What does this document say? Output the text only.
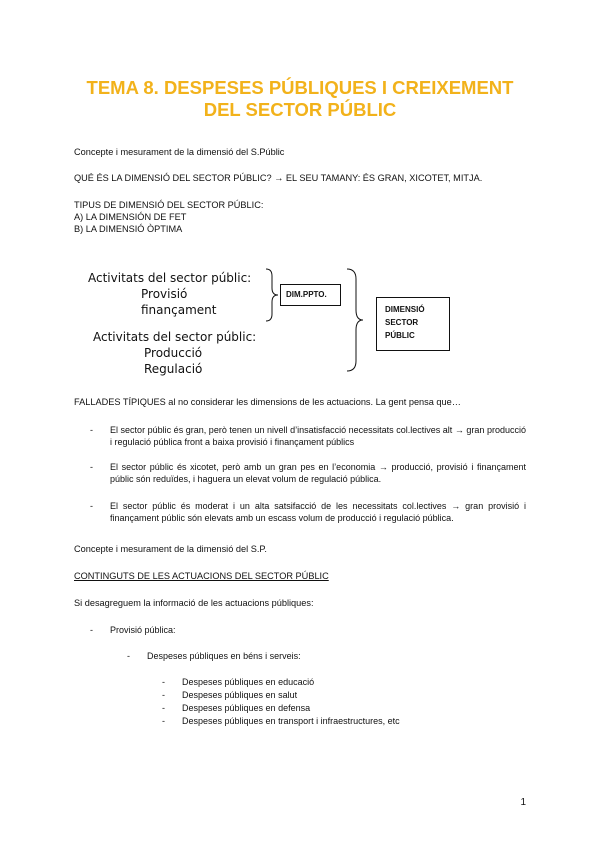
TEMA 8. DESPESES PÚBLIQUES I CREIXEMENT
DEL SECTOR PÚBLIC
Concepte i mesurament de la dimensió del S.Públic
QUÉ ÉS LA DIMENSIÓ DEL SECTOR PÚBLIC? → EL SEU TAMANY: ÉS GRAN, XICOTET, MITJA.
TIPUS DE DIMENSIÓ DEL SECTOR PÚBLIC:
A) LA DIMENSIÓN DE FET
B) LA DIMENSIÓ ÒPTIMA
Activitats del sector públic:
Provisió
finançament
DIM.PPTO.
Activitats del sector públic:
Producció
Regulació
DIMENSIÓ
SECTOR
PÚBLIC
FALLADES TÍPIQUES al no considerar les dimensions de les actuacions. La gent pensa que…
- El sector públic és gran, però tenen un nivell d’insatisfacció necessitats col.lectives alt → gran producció i regulació pública front a baixa provisió i finançament públics
- El sector públic és xicotet, però amb un gran pes en l’economia → producció, provisió i finançament públic són reduïdes, i haguera un elevat volum de regulació pública.
- El sector públic és moderat i un alta satsifacció de les necessitats col.lectives → gran provisió i finançament públic són elevats amb un escass volum de producció i regulació pública.
Concepte i mesurament de la dimensió del S.P.
CONTINGUTS DE LES ACTUACIONS DEL SECTOR PÚBLIC
Si desagreguem la informació de les actuacions públiques:
- Provisió pública:
- Despeses públiques en béns i serveis:
- Despeses públiques en educació
- Despeses públiques en salut
- Despeses públiques en defensa
- Despeses públiques en transport i infraestructures, etc
1
